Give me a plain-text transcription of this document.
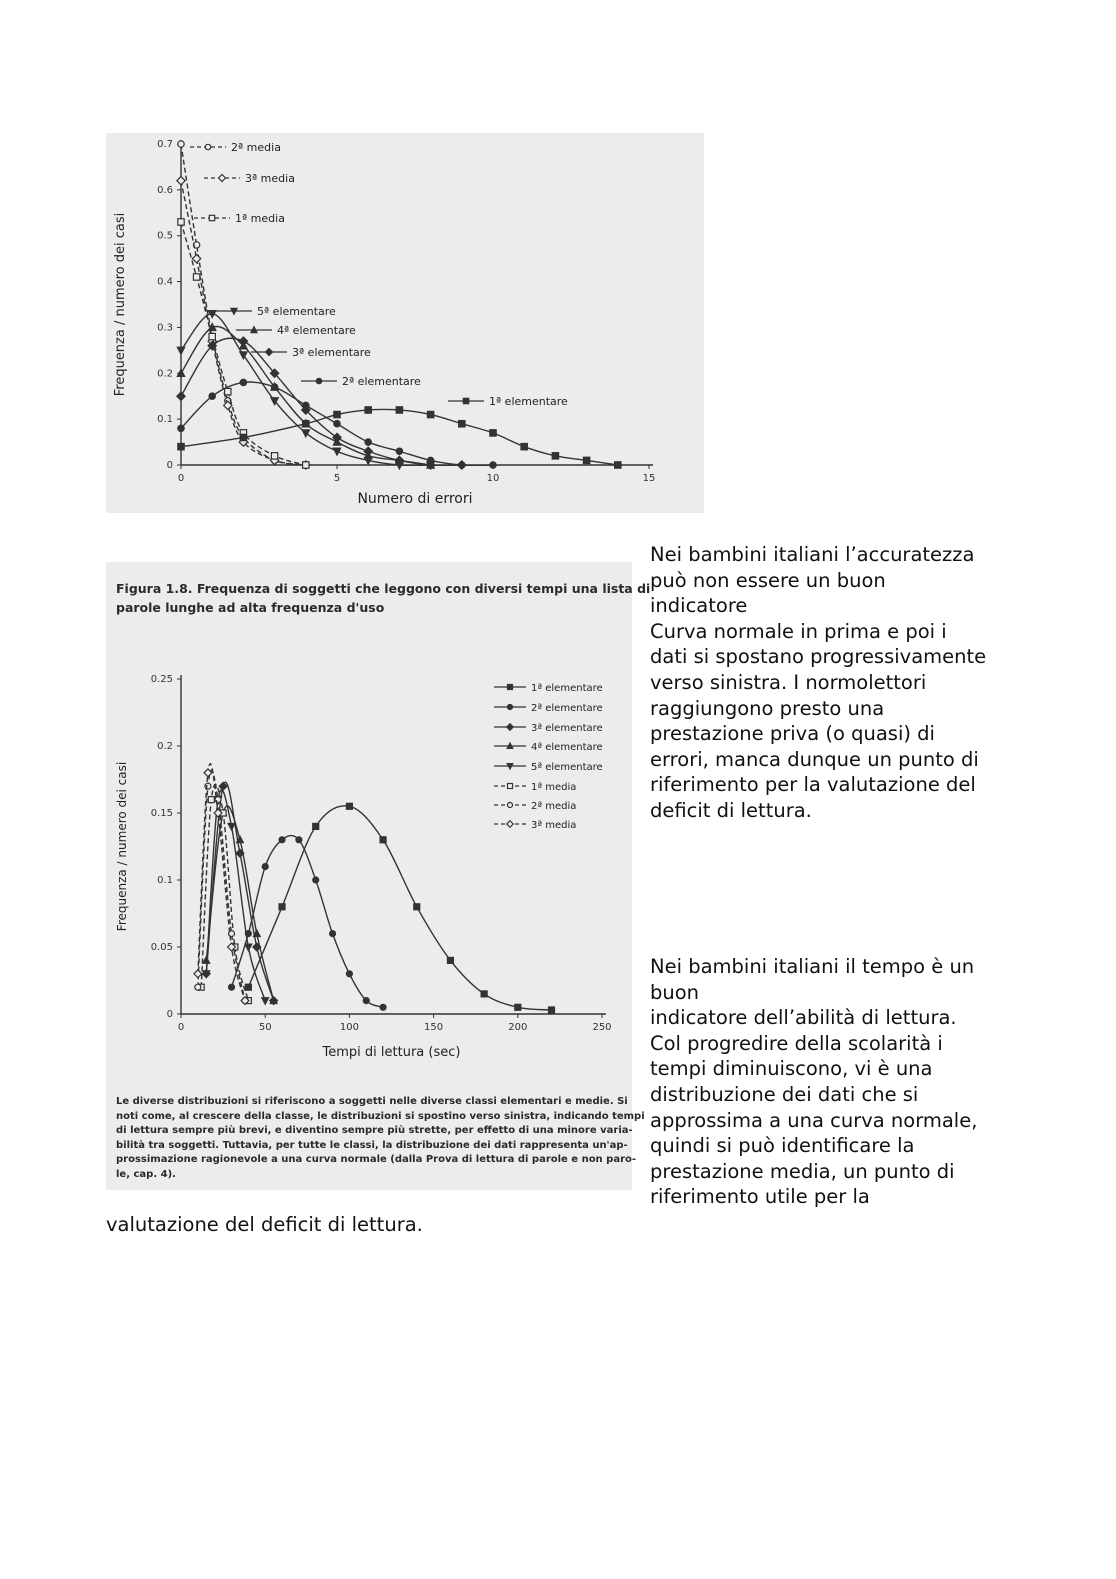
0
0.1
0.2
0.3
0.4
0.5
0.6
0.7
0	5	10	15
Numero di errori
Frequenza / numero dei casi
2ª media
3ª media
1ª media
5ª elementare
4ª elementare
3ª elementare
2ª elementare
1ª elementare
0
0.05
0.1
0.15
0.2
0.25
0	50	100	150	200	250
Tempi di lettura (sec)
Frequenza / numero dei casi
1ª elementare
2ª elementare
3ª elementare
4ª elementare
5ª elementare
1ª media
2ª media
3ª media
Figura 1.8. Frequenza di soggetti che leggono con diversi tempi una lista di
parole lunghe ad alta frequenza d'uso
Le diverse distribuzioni si riferiscono a soggetti nelle diverse classi elementari e medie. Si
noti come, al crescere della classe, le distribuzioni si spostino verso sinistra, indicando tempi
di lettura sempre più brevi, e diventino sempre più strette, per effetto di una minore varia-
bilità tra soggetti. Tuttavia, per tutte le classi, la distribuzione dei dati rappresenta un'ap-
prossimazione ragionevole a una curva normale (dalla Prova di lettura di parole e non paro-
le, cap. 4).
Nei bambini italiani l’accuratezza
può non essere un buon
indicatore
Curva normale in prima e poi i
dati si spostano progressivamente
verso sinistra. I normolettori
raggiungono presto una
prestazione priva (o quasi) di
errori, manca dunque un punto di
riferimento per la valutazione del
deficit di lettura.
Nei bambini italiani il tempo è un
buon
indicatore dell’abilità di lettura.
Col progredire della scolarità i
tempi diminuiscono, vi è una
distribuzione dei dati che si
approssima a una curva normale,
quindi si può identificare la
prestazione media, un punto di
riferimento utile per la
valutazione del deficit di lettura.
